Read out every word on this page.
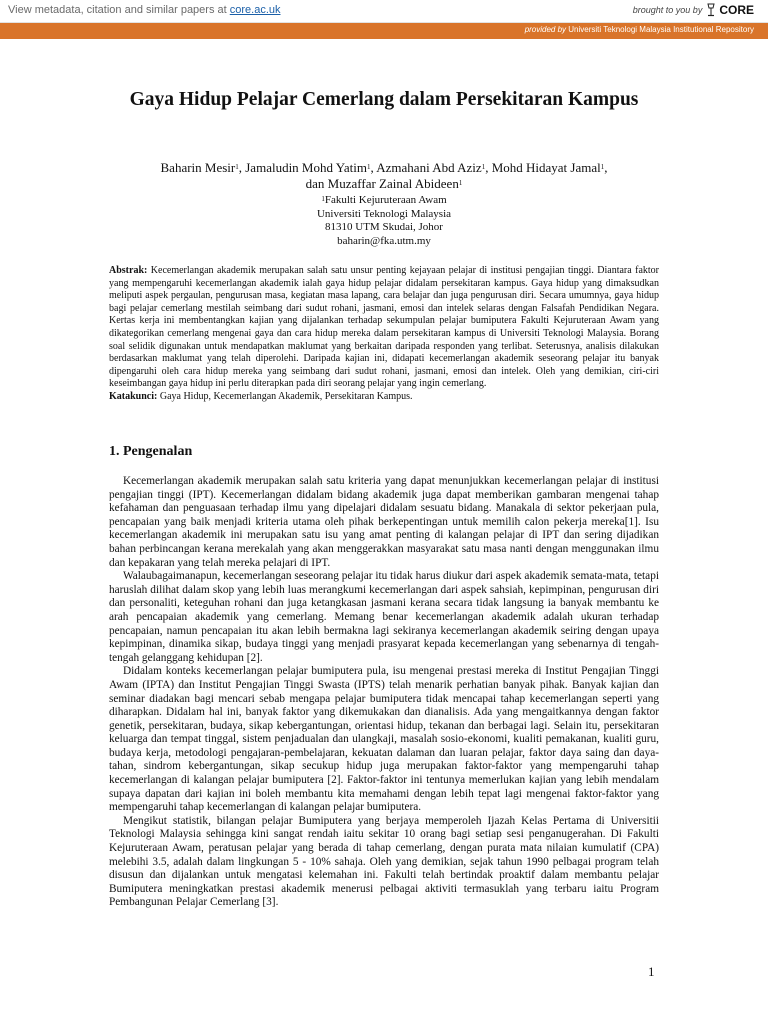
View metadata, citation and similar papers at core.ac.uk	brought to you by CORE
provided by Universiti Teknologi Malaysia Institutional Repository
Gaya Hidup Pelajar Cemerlang dalam Persekitaran Kampus
Baharin Mesir$^1$, Jamaludin Mohd Yatim$^1$, Azmahani Abd Aziz$^1$, Mohd Hidayat Jamal$^1$,
dan Muzaffar Zainal Abideen$^1$
$^1$Fakulti Kejuruteraan Awam
Universiti Teknologi Malaysia
81310 UTM Skudai, Johor
baharin@fka.utm.my
Abstrak: Kecemerlangan akademik merupakan salah satu unsur penting kejayaan pelajar di institusi pengajian tinggi. Diantara faktor yang mempengaruhi kecemerlangan akademik ialah gaya hidup pelajar didalam persekitaran kampus. Gaya hidup yang dimaksudkan meliputi aspek pergaulan, pengurusan masa, kegiatan masa lapang, cara belajar dan juga pengurusan diri. Secara umumnya, gaya hidup bagi pelajar cemerlang mestilah seimbang dari sudut rohani, jasmani, emosi dan intelek selaras dengan Falsafah Pendidikan Negara. Kertas kerja ini membentangkan kajian yang dijalankan terhadap sekumpulan pelajar bumiputera Fakulti Kejuruteraan Awam yang dikategorikan cemerlang mengenai gaya dan cara hidup mereka dalam persekitaran kampus di Universiti Teknologi Malaysia. Borang soal selidik digunakan untuk mendapatkan maklumat yang berkaitan daripada responden yang terlibat. Seterusnya, analisis dilakukan berdasarkan maklumat yang telah diperolehi. Daripada kajian ini, didapati kecemerlangan akademik seseorang pelajar itu banyak dipengaruhi oleh cara hidup mereka yang seimbang dari sudut rohani, jasmani, emosi dan intelek. Oleh yang demikian, ciri-ciri keseimbangan gaya hidup ini perlu diterapkan pada diri seorang pelajar yang ingin cemerlang.
Katakunci: Gaya Hidup, Kecemerlangan Akademik, Persekitaran Kampus.
1. Pengenalan

Kecemerlangan akademik merupakan salah satu kriteria yang dapat menunjukkan kecemerlangan pelajar di institusi pengajian tinggi (IPT). Kecemerlangan didalam bidang akademik juga dapat memberikan gambaran mengenai tahap kefahaman dan penguasaan terhadap ilmu yang dipelajari didalam sesuatu bidang. Manakala di sektor pekerjaan pula, pencapaian yang baik menjadi kriteria utama oleh pihak berkepentingan untuk memilih calon pekerja mereka[1]. Isu kecemerlangan akademik ini merupakan satu isu yang amat penting di kalangan pelajar di IPT dan sering dijadikan bahan perbincangan kerana merekalah yang akan menggerakkan masyarakat satu masa nanti dengan menggunakan ilmu dan kepakaran yang telah mereka pelajari di IPT.

Walaubagaimanapun, kecemerlangan seseorang pelajar itu tidak harus diukur dari aspek akademik semata-mata, tetapi haruslah dilihat dalam skop yang lebih luas merangkumi kecemerlangan dari aspek sahsiah, kepimpinan, pengurusan diri dan personaliti, keteguhan rohani dan juga ketangkasan jasmani kerana secara tidak langsung ia banyak membantu ke arah pencapaian akademik yang cemerlang. Memang benar kecemerlangan akademik adalah ukuran terhadap pencapaian, namun pencapaian itu akan lebih bermakna lagi sekiranya kecemerlangan akademik seiring dengan upaya kepimpinan, dinamika sikap, budaya tinggi yang menjadi prasyarat kepada kecemerlangan yang sebenarnya di tengah-tengah gelanggang kehidupan [2].

Didalam konteks kecemerlangan pelajar bumiputera pula, isu mengenai prestasi mereka di Institut Pengajian Tinggi Awam (IPTA) dan Institut Pengajian Tinggi Swasta (IPTS) telah menarik perhatian banyak pihak. Banyak kajian dan seminar diadakan bagi mencari sebab mengapa pelajar bumiputera tidak mencapai tahap kecemerlangan seperti yang diharapkan. Didalam hal ini, banyak faktor yang dikemukakan dan dianalisis. Ada yang mengaitkannya dengan faktor genetik, persekitaran, budaya, sikap kebergantungan, orientasi hidup, tekanan dan berbagai lagi. Selain itu, persekitaran keluarga dan tempat tinggal, sistem penjadualan dan ulangkaji, masalah sosio-ekonomi, kualiti pemakanan, kualiti guru, budaya kerja, metodologi pengajaran-pembelajaran, kekuatan dalaman dan luaran pelajar, faktor daya saing dan daya-tahan, sindrom kebergantungan, sikap secukup hidup juga merupakan faktor-faktor yang mempengaruhi tahap kecemerlangan di kalangan pelajar bumiputera [2]. Faktor-faktor ini tentunya memerlukan kajian yang lebih mendalam supaya dapatan dari kajian ini boleh membantu kita memahami dengan lebih tepat lagi mengenai faktor-faktor yang mempengaruhi tahap kecemerlangan di kalangan pelajar bumiputera.

Mengikut statistik, bilangan pelajar Bumiputera yang berjaya memperoleh Ijazah Kelas Pertama di Universitii Teknologi Malaysia sehingga kini sangat rendah iaitu sekitar 10 orang bagi setiap sesi penganugerahan. Di Fakulti Kejuruteraan Awam, peratusan pelajar yang berada di tahap cemerlang, dengan purata mata nilaian kumulatif (CPA) melebihi 3.5, adalah dalam lingkungan 5 - 10% sahaja. Oleh yang demikian, sejak tahun 1990 pelbagai program telah disusun dan dijalankan untuk mengatasi kelemahan ini. Fakulti telah bertindak proaktif dalam membantu pelajar Bumiputera meningkatkan prestasi akademik menerusi pelbagai aktiviti termasuklah yang terbaru iaitu Program Pembangunan Pelajar Cemerlang [3].

1
